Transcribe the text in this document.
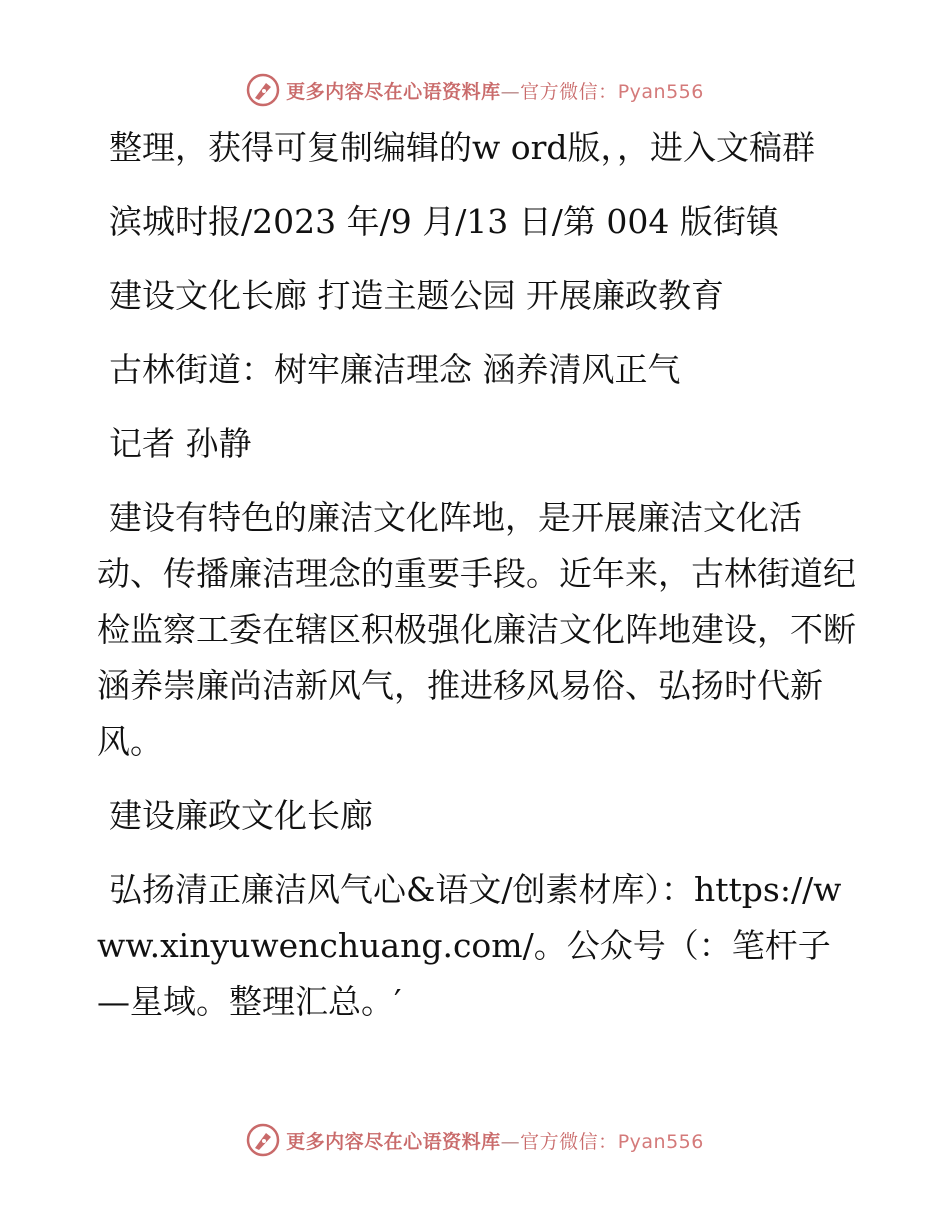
更多内容尽在心语资料库—官方微信：Pyan556

整理，获得可复制编辑的w ord版，，进入文稿群

滨城时报/2023 年/9 月/13 日/第 004 版街镇

建设文化长廊 打造主题公园 开展廉政教育

古林街道：树牢廉洁理念 涵养清风正气

记者 孙静

建设有特色的廉洁文化阵地，是开展廉洁文化活动、传播廉洁理念的重要手段。近年来，古林街道纪检监察工委在辖区积极强化廉洁文化阵地建设，不断涵养崇廉尚洁新风气，推进移风易俗、弘扬时代新风。

建设廉政文化长廊

弘扬清正廉洁风气心&语文/创素材库）：https://www.xinyuwenchuang.com/。公众号（：笔杆子—星域。整理汇总。′

更多内容尽在心语资料库—官方微信：Pyan556
